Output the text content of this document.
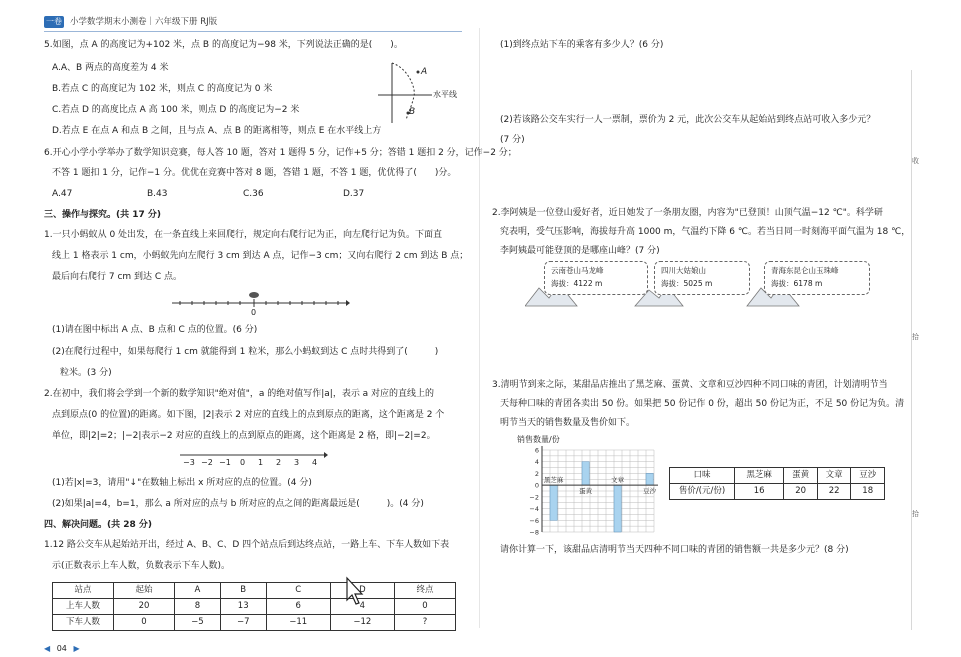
一卷 小学数学期末小测卷｜六年级下册 RJ版
5.如图，点 A 的高度记为+102 米，点 B 的高度记为−98 米，下列说法正确的是(　　)。
A.A、B 两点的高度差为 4 米
B.若点 C 的高度记为 102 米，则点 C 的高度记为 0 米
C.若点 D 的高度比点 A 高 100 米，则点 D 的高度记为−2 米
D.若点 E 在点 A 和点 B 之间，且与点 A、点 B 的距离相等，则点 E 在水平线上方
A
B
水平线
6.开心小学小学举办了数学知识竞赛，每人答 10 题，答对 1 题得 5 分，记作+5 分；答错 1 题扣 2 分，记作−2 分；
不答 1 题扣 1 分，记作−1 分。优优在竞赛中答对 8 题，答错 1 题，不答 1 题，优优得了(　　)分。
A.47	B.43	C.36	D.37
三、操作与探究。(共 17 分)
1.一只小蚂蚁从 0 处出发，在一条直线上来回爬行，规定向右爬行记为正，向左爬行记为负。下面直
线上 1 格表示 1 cm，小蚂蚁先向左爬行 3 cm 到达 A 点，记作−3 cm；又向右爬行 2 cm 到达 B 点；
最后向右爬行 7 cm 到达 C 点。
0
(1)请在图中标出 A 点、B 点和 C 点的位置。(6 分)
(2)在爬行过程中，如果每爬行 1 cm 就能得到 1 粒米，那么小蚂蚁到达 C 点时共得到了(　　　)
粒米。(3 分)
2.在初中，我们将会学到一个新的数学知识"绝对值"，a 的绝对值写作|a|，表示 a 对应的直线上的
点到原点(0 的位置)的距离。如下图，|2|表示 2 对应的直线上的点到原点的距离，这个距离是 2 个
单位，即|2|=2；|−2|表示−2 对应的直线上的点到原点的距离，这个距离是 2 格，即|−2|=2。
−3 −2 −1 0 1 2 3 4
(1)若|x|=3，请用"↓"在数轴上标出 x 所对应的点的位置。(4 分)
(2)如果|a|=4，b=1，那么 a 所对应的点与 b 所对应的点之间的距离最远是(　　　)。(4 分)
四、解决问题。(共 28 分)
1.12 路公交车从起始站开出，经过 A、B、C、D 四个站点后到达终点站，一路上车、下车人数如下表
示(正数表示上车人数，负数表示下车人数)。
站点	起始	A	B	C	D	终点
上车人数	20	8	13	6	4	0
下车人数	0	−5	−7	−11	−12	?
◀ 04 ▶
(1)到终点站下车的乘客有多少人？(6 分)
(2)若该路公交车实行一人一票制，票价为 2 元，此次公交车从起始站到终点站可收入多少元？
(7 分)
2.李阿姨是一位登山爱好者，近日她发了一条朋友圈，内容为"已登顶！山顶气温−12 ℃"。科学研
究表明，受气压影响，海拔每升高 1000 m，气温约下降 6 ℃。若当日同一时刻海平面气温为 18 ℃，
李阿姨最可能登顶的是哪座山峰？(7 分)
云南苍山马龙峰
海拔：4122 m
四川大姑娘山
海拔：5025 m
青海东昆仑山玉珠峰
海拔：6178 m
3.清明节到来之际，某甜品店推出了黑芝麻、蛋黄、文章和豆沙四种不同口味的青团，计划清明节当
天每种口味的青团各卖出 50 份。如果把 50 份记作 0 份，超出 50 份记为正，不足 50 份记为负。清
明节当天的销售数量及售价如下。
销售数量/份
6
4
2
0
−2
−4
−6
−8
黑芝麻
蛋黄
文章
豆沙
口味	黑芝麻	蛋黄	文章	豆沙
售价/(元/份)	16	20	22	18
请你计算一下，该甜品店清明节当天四种不同口味的青团的销售额一共是多少元？(8 分)
收
拾
拾
